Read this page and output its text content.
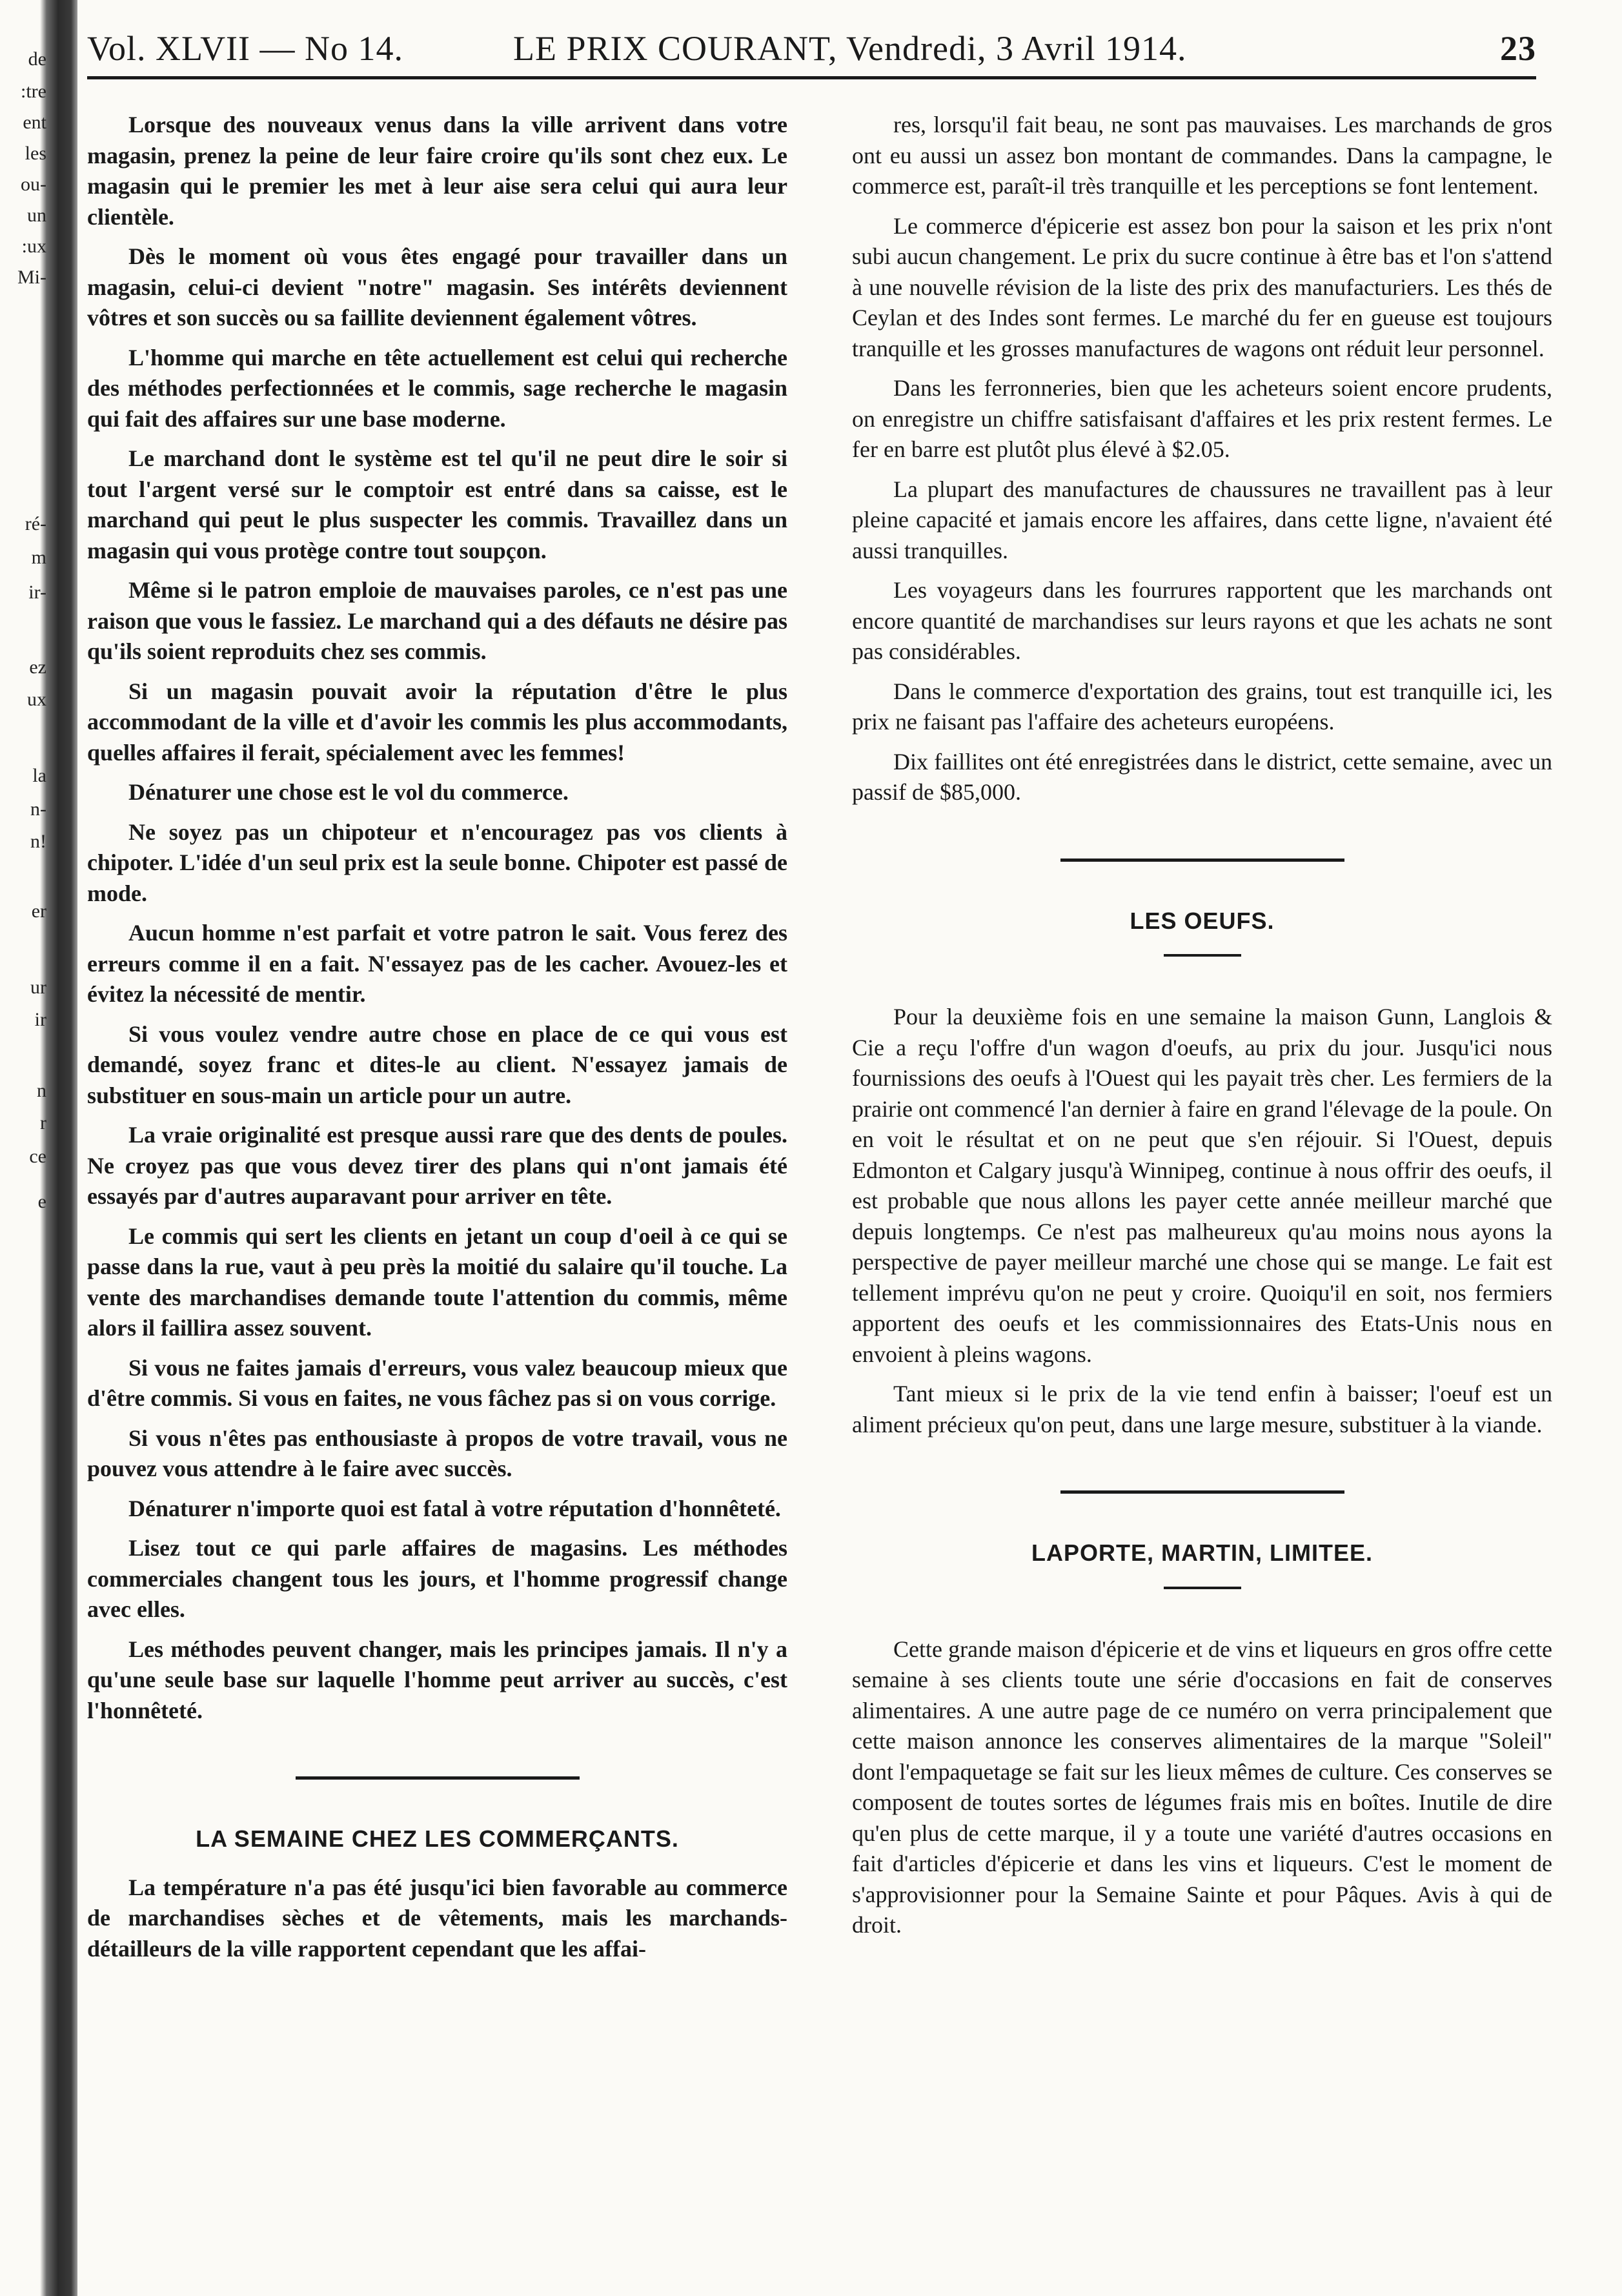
de
:tre
ent
les
ou-
un
:ux
Mi-
ré-
m
ir-
ez
ux
la
n-
n!
er
ur
ir
n
r
ce
e
Vol. XLVII — No 14.	LE PRIX COURANT, Vendredi, 3 Avril 1914.	23

Lorsque des nouveaux venus dans la ville arrivent dans votre magasin, prenez la peine de leur faire croire qu'ils sont chez eux. Le magasin qui le premier les met à leur aise sera celui qui aura leur clientèle.

Dès le moment où vous êtes engagé pour travailler dans un magasin, celui-ci devient "notre" magasin. Ses intérêts deviennent vôtres et son succès ou sa faillite deviennent également vôtres.

L'homme qui marche en tête actuellement est celui qui recherche des méthodes perfectionnées et le commis, sage recherche le magasin qui fait des affaires sur une base moderne.

Le marchand dont le système est tel qu'il ne peut dire le soir si tout l'argent versé sur le comptoir est entré dans sa caisse, est le marchand qui peut le plus suspecter les commis. Travaillez dans un magasin qui vous protège contre tout soupçon.

Même si le patron emploie de mauvaises paroles, ce n'est pas une raison que vous le fassiez. Le marchand qui a des défauts ne désire pas qu'ils soient reproduits chez ses commis.

Si un magasin pouvait avoir la réputation d'être le plus accommodant de la ville et d'avoir les commis les plus accommodants, quelles affaires il ferait, spécialement avec les femmes!

Dénaturer une chose est le vol du commerce.

Ne soyez pas un chipoteur et n'encouragez pas vos clients à chipoter. L'idée d'un seul prix est la seule bonne. Chipoter est passé de mode.

Aucun homme n'est parfait et votre patron le sait. Vous ferez des erreurs comme il en a fait. N'essayez pas de les cacher. Avouez-les et évitez la nécessité de mentir.

Si vous voulez vendre autre chose en place de ce qui vous est demandé, soyez franc et dites-le au client. N'essayez jamais de substituer en sous-main un article pour un autre.

La vraie originalité est presque aussi rare que des dents de poules. Ne croyez pas que vous devez tirer des plans qui n'ont jamais été essayés par d'autres auparavant pour arriver en tête.

Le commis qui sert les clients en jetant un coup d'oeil à ce qui se passe dans la rue, vaut à peu près la moitié du salaire qu'il touche. La vente des marchandises demande toute l'attention du commis, même alors il faillira assez souvent.

Si vous ne faites jamais d'erreurs, vous valez beaucoup mieux que d'être commis. Si vous en faites, ne vous fâchez pas si on vous corrige.

Si vous n'êtes pas enthousiaste à propos de votre travail, vous ne pouvez vous attendre à le faire avec succès.

Dénaturer n'importe quoi est fatal à votre réputation d'honnêteté.

Lisez tout ce qui parle affaires de magasins. Les méthodes commerciales changent tous les jours, et l'homme progressif change avec elles.

Les méthodes peuvent changer, mais les principes jamais. Il n'y a qu'une seule base sur laquelle l'homme peut arriver au succès, c'est l'honnêteté.

LA SEMAINE CHEZ LES COMMERÇANTS.

La température n'a pas été jusqu'ici bien favorable au commerce de marchandises sèches et de vêtements, mais les marchands-détailleurs de la ville rapportent cependant que les affai-

res, lorsqu'il fait beau, ne sont pas mauvaises. Les marchands de gros ont eu aussi un assez bon montant de commandes. Dans la campagne, le commerce est, paraît-il très tranquille et les perceptions se font lentement.

Le commerce d'épicerie est assez bon pour la saison et les prix n'ont subi aucun changement. Le prix du sucre continue à être bas et l'on s'attend à une nouvelle révision de la liste des prix des manufacturiers. Les thés de Ceylan et des Indes sont fermes. Le marché du fer en gueuse est toujours tranquille et les grosses manufactures de wagons ont réduit leur personnel.

Dans les ferronneries, bien que les acheteurs soient encore prudents, on enregistre un chiffre satisfaisant d'affaires et les prix restent fermes. Le fer en barre est plutôt plus élevé à $2.05.

La plupart des manufactures de chaussures ne travaillent pas à leur pleine capacité et jamais encore les affaires, dans cette ligne, n'avaient été aussi tranquilles.

Les voyageurs dans les fourrures rapportent que les marchands ont encore quantité de marchandises sur leurs rayons et que les achats ne sont pas considérables.

Dans le commerce d'exportation des grains, tout est tranquille ici, les prix ne faisant pas l'affaire des acheteurs européens.

Dix faillites ont été enregistrées dans le district, cette semaine, avec un passif de $85,000.

LES OEUFS.

Pour la deuxième fois en une semaine la maison Gunn, Langlois & Cie a reçu l'offre d'un wagon d'oeufs, au prix du jour. Jusqu'ici nous fournissions des oeufs à l'Ouest qui les payait très cher. Les fermiers de la prairie ont commencé l'an dernier à faire en grand l'élevage de la poule. On en voit le résultat et on ne peut que s'en réjouir. Si l'Ouest, depuis Edmonton et Calgary jusqu'à Winnipeg, continue à nous offrir des oeufs, il est probable que nous allons les payer cette année meilleur marché que depuis longtemps. Ce n'est pas malheureux qu'au moins nous ayons la perspective de payer meilleur marché une chose qui se mange. Le fait est tellement imprévu qu'on ne peut y croire. Quoiqu'il en soit, nos fermiers apportent des oeufs et les commissionnaires des Etats-Unis nous en envoient à pleins wagons.

Tant mieux si le prix de la vie tend enfin à baisser; l'oeuf est un aliment précieux qu'on peut, dans une large mesure, substituer à la viande.

LAPORTE, MARTIN, LIMITEE.

Cette grande maison d'épicerie et de vins et liqueurs en gros offre cette semaine à ses clients toute une série d'occasions en fait de conserves alimentaires. A une autre page de ce numéro on verra principalement que cette maison annonce les conserves alimentaires de la marque "Soleil" dont l'empaquetage se fait sur les lieux mêmes de culture. Ces conserves se composent de toutes sortes de légumes frais mis en boîtes. Inutile de dire qu'en plus de cette marque, il y a toute une variété d'autres occasions en fait d'articles d'épicerie et dans les vins et liqueurs. C'est le moment de s'approvisionner pour la Semaine Sainte et pour Pâques. Avis à qui de droit.
